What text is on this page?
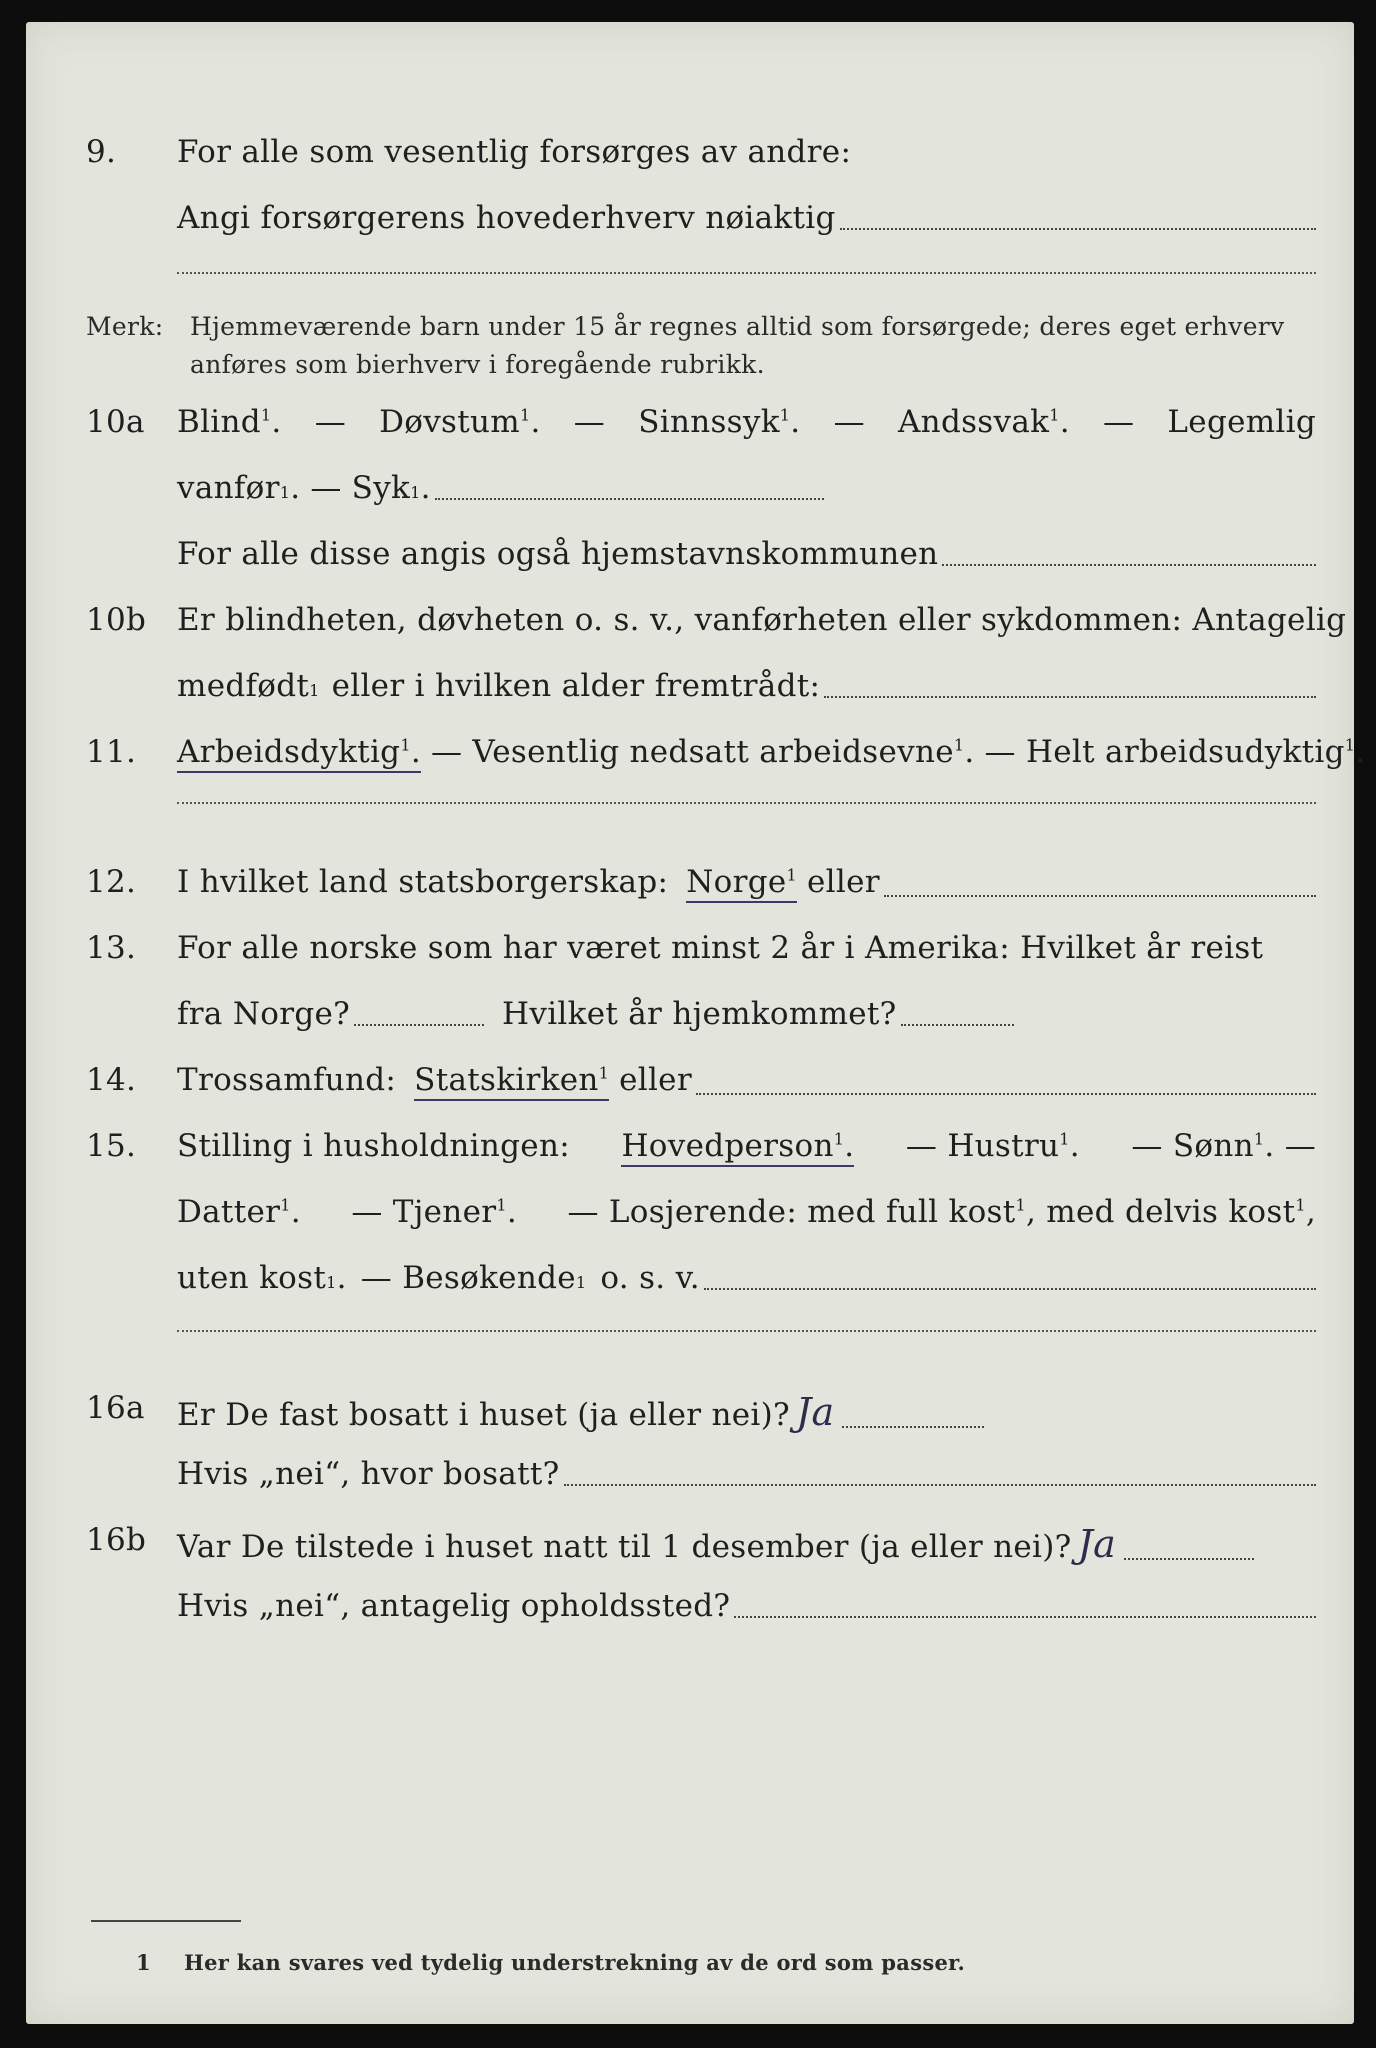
9.	For alle som vesentlig forsørges av andre:
Angi forsørgerens hovederhverv nøiaktig
Merk:	Hjemmeværende barn under 15 år regnes alltid som forsørgede; deres eget erhverv
anføres som bierhverv i foregående rubrikk.
10a	Blind$^1$. — Døvstum$^1$. — Sinnssyk$^1$. — Andssvak$^1$. — Legemlig
vanfør 1 . — Syk 1 .
For alle disse angis også hjemstavnskommunen
10b Er blindheten, døvheten o. s. v., vanførheten eller sykdommen: Antagelig
medfødt 1 eller i hvilken alder fremtrådt:
11.	Arbeidsdyktig$^1$. — Vesentlig nedsatt arbeidsevne$^1$. — Helt arbeidsudyktig$^1$.
12.	I hvilket land statsborgerskap: Norge$^1$ eller
13.	For alle norske som har været minst 2 år i Amerika: Hvilket år reist
fra Norge?	Hvilket år hjemkommet?
14.	Trossamfund: Statskirken$^1$ eller
15.	Stilling i husholdningen: Hovedperson$^1$. — Hustru$^1$. — Sønn$^1$. —
Datter$^1$. — Tjener$^1$. — Losjerende: med full kost$^1$, med delvis kost$^1$,
uten kost 1 . — Besøkende 1 o. s. v.
16a	Er De fast bosatt i huset (ja eller nei)? Ja
Hvis „nei“, hvor bosatt?
16b Var De tilstede i huset natt til 1 desember (ja eller nei)? Ja
Hvis „nei“, antagelig opholdssted?
1 Her kan svares ved tydelig understrekning av de ord som passer.
